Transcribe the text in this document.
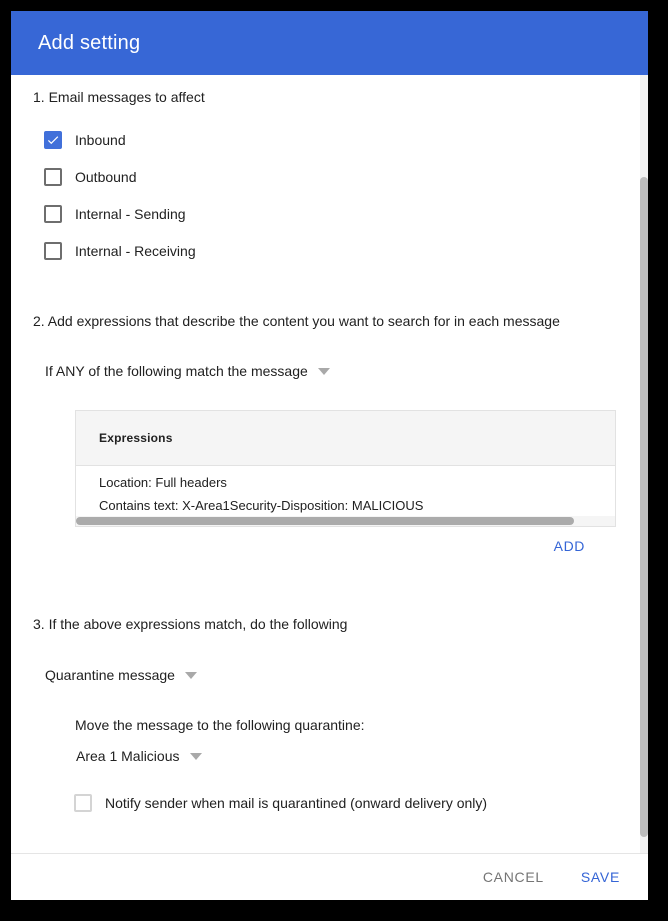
Add setting
1. Email messages to affect
Inbound
Outbound
Internal - Sending
Internal - Receiving
2. Add expressions that describe the content you want to search for in each message
If ANY of the following match the message
Expressions
Location: Full headers
Contains text: X-Area1Security-Disposition: MALICIOUS
ADD
3. If the above expressions match, do the following
Quarantine message
Move the message to the following quarantine:
Area 1 Malicious
Notify sender when mail is quarantined (onward delivery only)
CANCEL	SAVE
